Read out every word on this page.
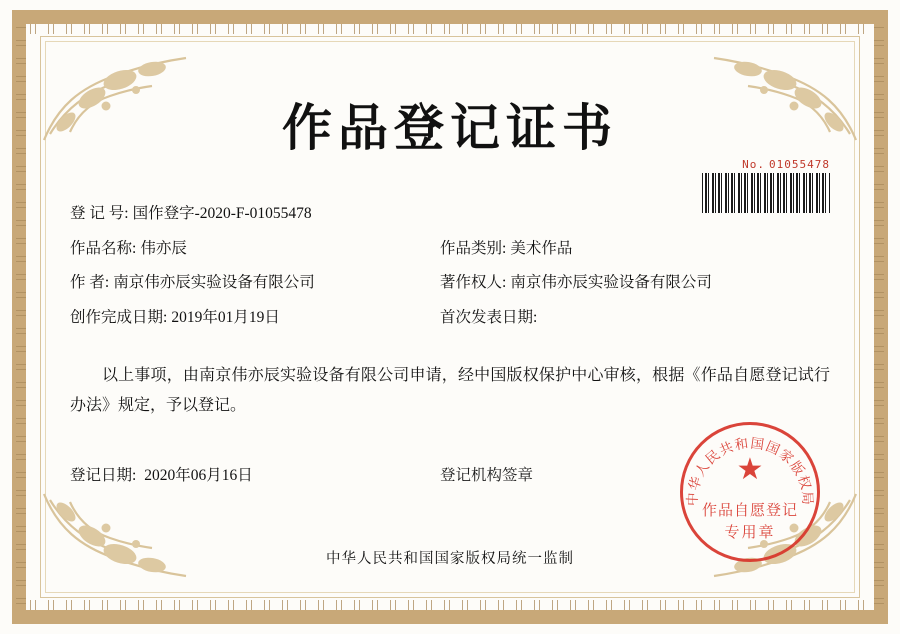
作品登记证书
No. 01055478
登 记 号: 国作登字-2020-F-01055478
作品名称: 伟亦辰	作品类别: 美术作品
作 者: 南京伟亦辰实验设备有限公司	著作权人: 南京伟亦辰实验设备有限公司
创作完成日期: 2019年01月19日	首次发表日期:
以上事项，由南京伟亦辰实验设备有限公司申请，经中国版权保护中心审核，根据《作品自愿登记试行办法》规定，予以登记。
登记日期: 2020年06月16日	登记机构签章
中华人民共和国国家版权局统一监制
中华人民共和国国家版权局
★
作品自愿登记
专用章
